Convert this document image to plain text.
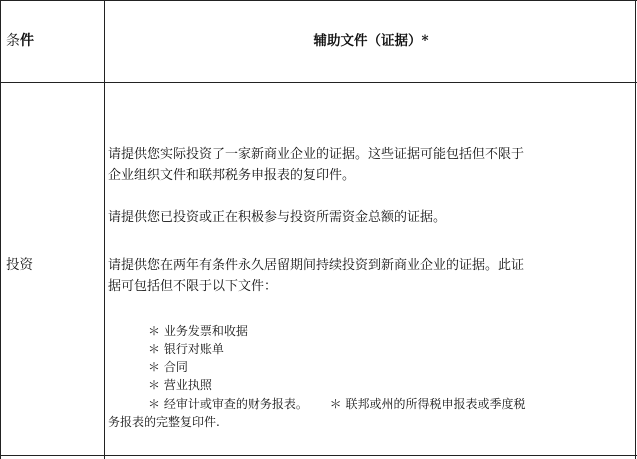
条件	辅助文件（证据）*
投资
请提供您实际投资了一家新商业企业的证据。这些证据可能包括但不限于
企业组织文件和联邦税务申报表的复印件。
请提供您已投资或正在积极参与投资所需资金总额的证据。
请提供您在两年有条件永久居留期间持续投资到新商业企业的证据。此证
据可包括但不限于以下文件：
＊ 业务发票和收据
＊ 银行对账单
＊ 合同
＊ 营业执照
＊ 经审计或审查的财务报表。　　 ＊ 联邦或州的所得税申报表或季度税
务报表的完整复印件.
